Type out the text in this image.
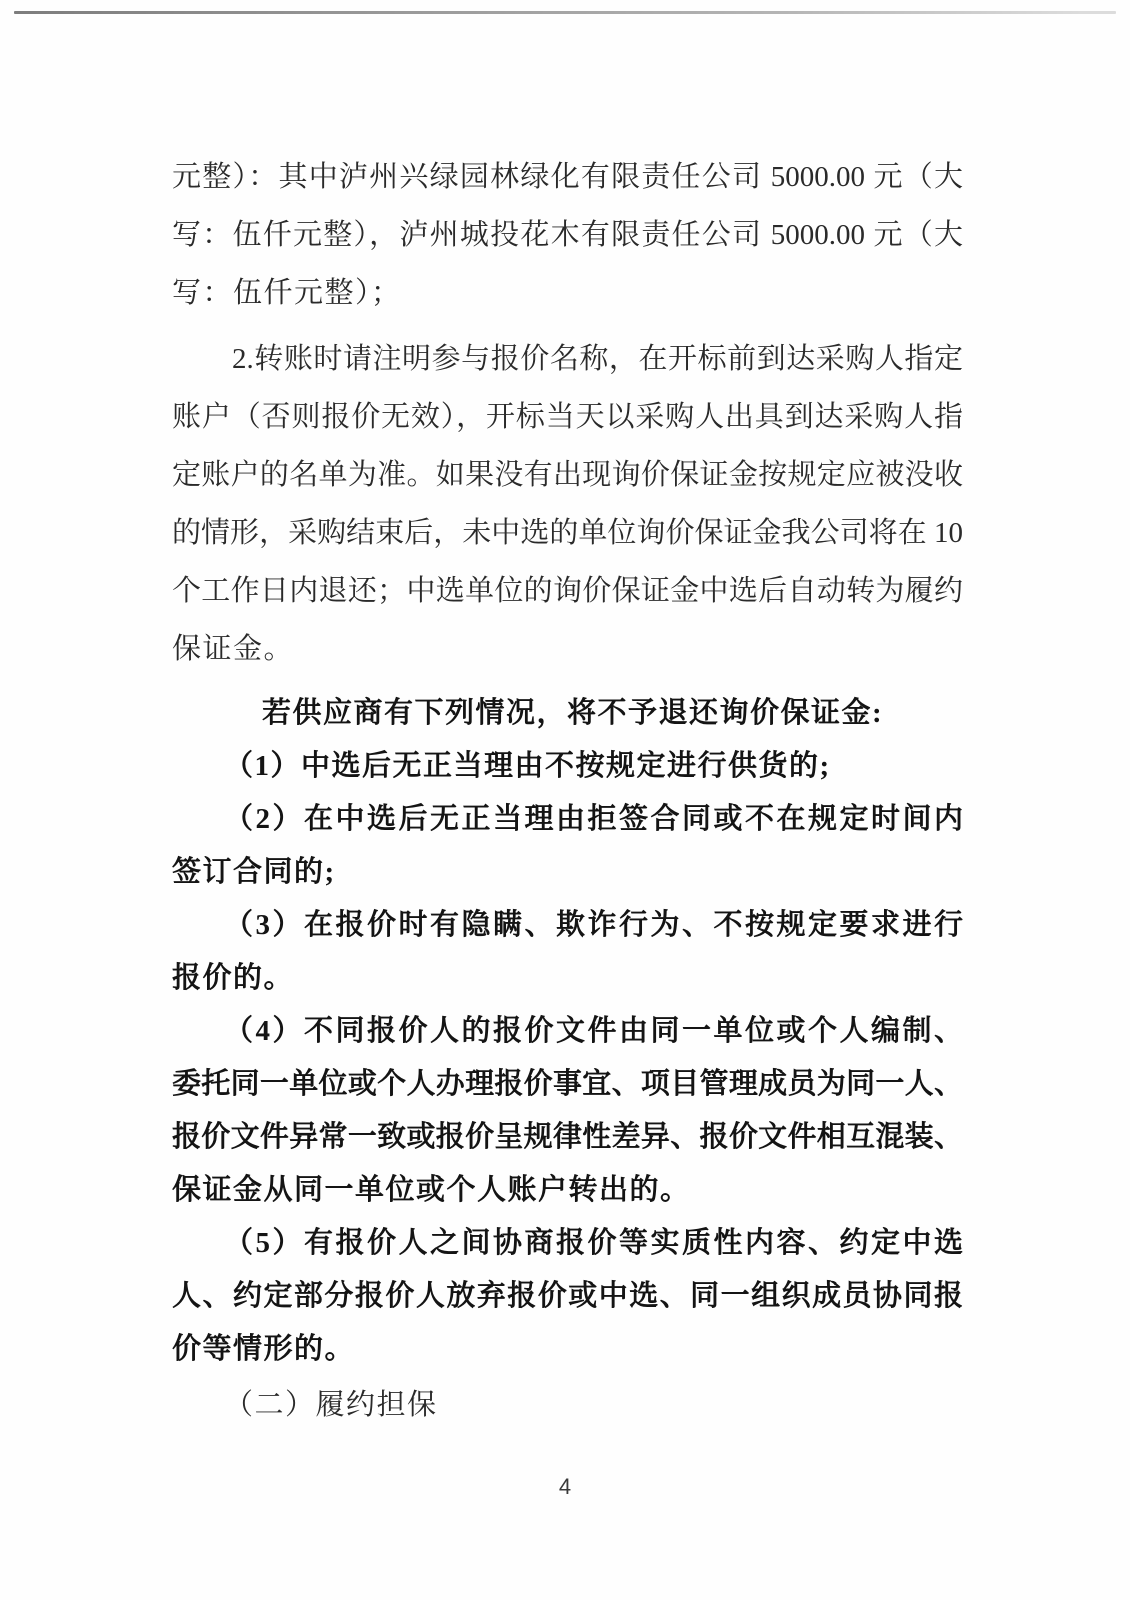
元整）：其中泸州兴绿园林绿化有限责任公司 5000.00 元（大
写：伍仟元整），泸州城投花木有限责任公司 5000.00 元（大
写：伍仟元整）；
2.转账时请注明参与报价名称，在开标前到达采购人指定
账户（否则报价无效），开标当天以采购人出具到达采购人指
定账户的名单为准。如果没有出现询价保证金按规定应被没收
的情形，采购结束后，未中选的单位询价保证金我公司将在 10
个工作日内退还；中选单位的询价保证金中选后自动转为履约
保证金。
若供应商有下列情况，将不予退还询价保证金:
（1）中选后无正当理由不按规定进行供货的;
（2）在中选后无正当理由拒签合同或不在规定时间内
签订合同的;
（3）在报价时有隐瞒、欺诈行为、不按规定要求进行
报价的。
（4）不同报价人的报价文件由同一单位或个人编制、
委托同一单位或个人办理报价事宜、项目管理成员为同一人、
报价文件异常一致或报价呈规律性差异、报价文件相互混装、
保证金从同一单位或个人账户转出的。
（5）有报价人之间协商报价等实质性内容、约定中选
人、约定部分报价人放弃报价或中选、同一组织成员协同报
价等情形的。
（二）履约担保
4
